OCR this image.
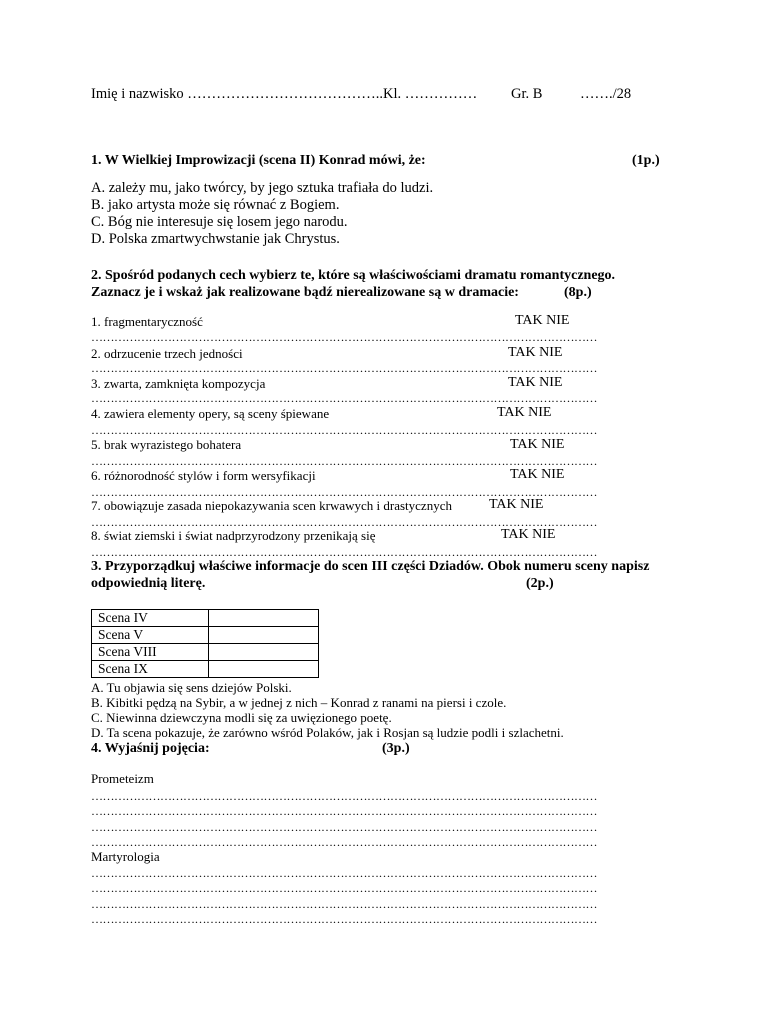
Imię i nazwisko …………………………………..Kl. …………… Gr. B	……./28
1. W Wielkiej Improwizacji (scena II) Konrad mówi, że:	(1p.)
A. zależy mu, jako twórcy, by jego sztuka trafiała do ludzi.
B. jako artysta może się równać z Bogiem.
C. Bóg nie interesuje się losem jego narodu.
D. Polska zmartwychwstanie jak Chrystus.
2. Spośród podanych cech wybierz te, które są właściwościami dramatu romantycznego.
Zaznacz je i wskaż jak realizowane bądź nierealizowane są w dramacie:	(8p.)
1. fragmentaryczność	TAK NIE
……………………………………………………………………………………………………………………
2. odrzucenie trzech jedności	TAK NIE
……………………………………………………………………………………………………………………
3. zwarta, zamknięta kompozycja	TAK NIE
……………………………………………………………………………………………………………………
4. zawiera elementy opery, są sceny śpiewane	TAK NIE
……………………………………………………………………………………………………………………
5. brak wyrazistego bohatera	TAK NIE
……………………………………………………………………………………………………………………
6. różnorodność stylów i form wersyfikacji	TAK NIE
……………………………………………………………………………………………………………………
7. obowiązuje zasada niepokazywania scen krwawych i drastycznych	TAK NIE
……………………………………………………………………………………………………………………
8. świat ziemski i świat nadprzyrodzony przenikają się	TAK NIE
……………………………………………………………………………………………………………………
3. Przyporządkuj właściwe informacje do scen III części Dziadów. Obok numeru sceny napisz
odpowiednią literę.	(2p.)
Scena IV	
Scena V	
Scena VIII	
Scena IX	
A. Tu objawia się sens dziejów Polski.
B. Kibitki pędzą na Sybir, a w jednej z nich – Konrad z ranami na piersi i czole.
C. Niewinna dziewczyna modli się za uwięzionego poetę.
D. Ta scena pokazuje, że zarówno wśród Polaków, jak i Rosjan są ludzie podli i szlachetni.
4. Wyjaśnij pojęcia:	(3p.)
Prometeizm
……………………………………………………………………………………………………………………
……………………………………………………………………………………………………………………
……………………………………………………………………………………………………………………
……………………………………………………………………………………………………………………
Martyrologia
……………………………………………………………………………………………………………………
……………………………………………………………………………………………………………………
……………………………………………………………………………………………………………………
……………………………………………………………………………………………………………………
